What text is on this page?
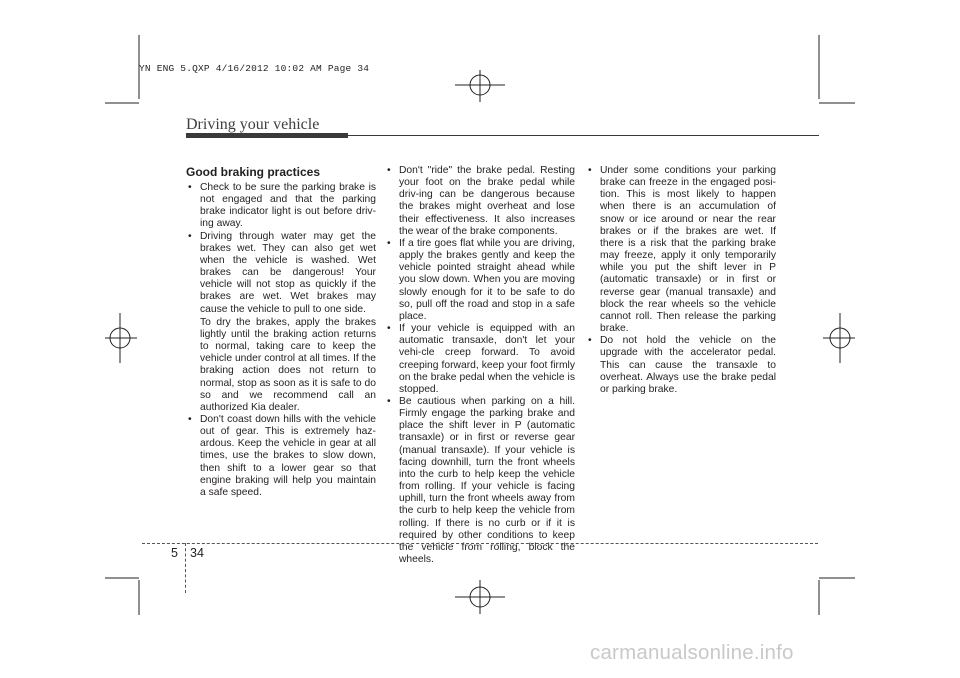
YN ENG 5.QXP 4/16/2012 10:02 AM Page 34
Driving your vehicle
Good braking practices

• Check to be sure the parking brake is not engaged and that the parking brake indicator light is out before driv-ing away.

• Driving through water may get the brakes wet. They can also get wet when the vehicle is washed. Wet brakes can be dangerous! Your vehicle will not stop as quickly if the brakes are wet. Wet brakes may cause the vehicle to pull to one side.

To dry the brakes, apply the brakes lightly until the braking action returns to normal, taking care to keep the vehicle under control at all times. If the braking action does not return to normal, stop as soon as it is safe to do so and we recommend call an authorized Kia dealer.

• Don't coast down hills with the vehicle out of gear. This is extremely haz-ardous. Keep the vehicle in gear at all times, use the brakes to slow down, then shift to a lower gear so that engine braking will help you maintain a safe speed.

• Don't "ride" the brake pedal. Resting your foot on the brake pedal while driv-ing can be dangerous because the brakes might overheat and lose their effectiveness. It also increases the wear of the brake components.

• If a tire goes flat while you are driving, apply the brakes gently and keep the vehicle pointed straight ahead while you slow down. When you are moving slowly enough for it to be safe to do so, pull off the road and stop in a safe place.

• If your vehicle is equipped with an automatic transaxle, don't let your vehi-cle creep forward. To avoid creeping forward, keep your foot firmly on the brake pedal when the vehicle is stopped.

• Be cautious when parking on a hill. Firmly engage the parking brake and place the shift lever in P (automatic transaxle) or in first or reverse gear (manual transaxle). If your vehicle is facing downhill, turn the front wheels into the curb to help keep the vehicle from rolling. If your vehicle is facing uphill, turn the front wheels away from the curb to help keep the vehicle from rolling. If there is no curb or if it is required by other conditions to keep the vehicle from rolling, block the wheels.

• Under some conditions your parking brake can freeze in the engaged posi-tion. This is most likely to happen when there is an accumulation of snow or ice around or near the rear brakes or if the brakes are wet. If there is a risk that the parking brake may freeze, apply it only temporarily while you put the shift lever in P (automatic transaxle) or in first or reverse gear (manual transaxle) and block the rear wheels so the vehicle cannot roll. Then release the parking brake.

• Do not hold the vehicle on the upgrade with the accelerator pedal. This can cause the transaxle to overheat. Always use the brake pedal or parking brake.

5 34
carmanualsonline.info
